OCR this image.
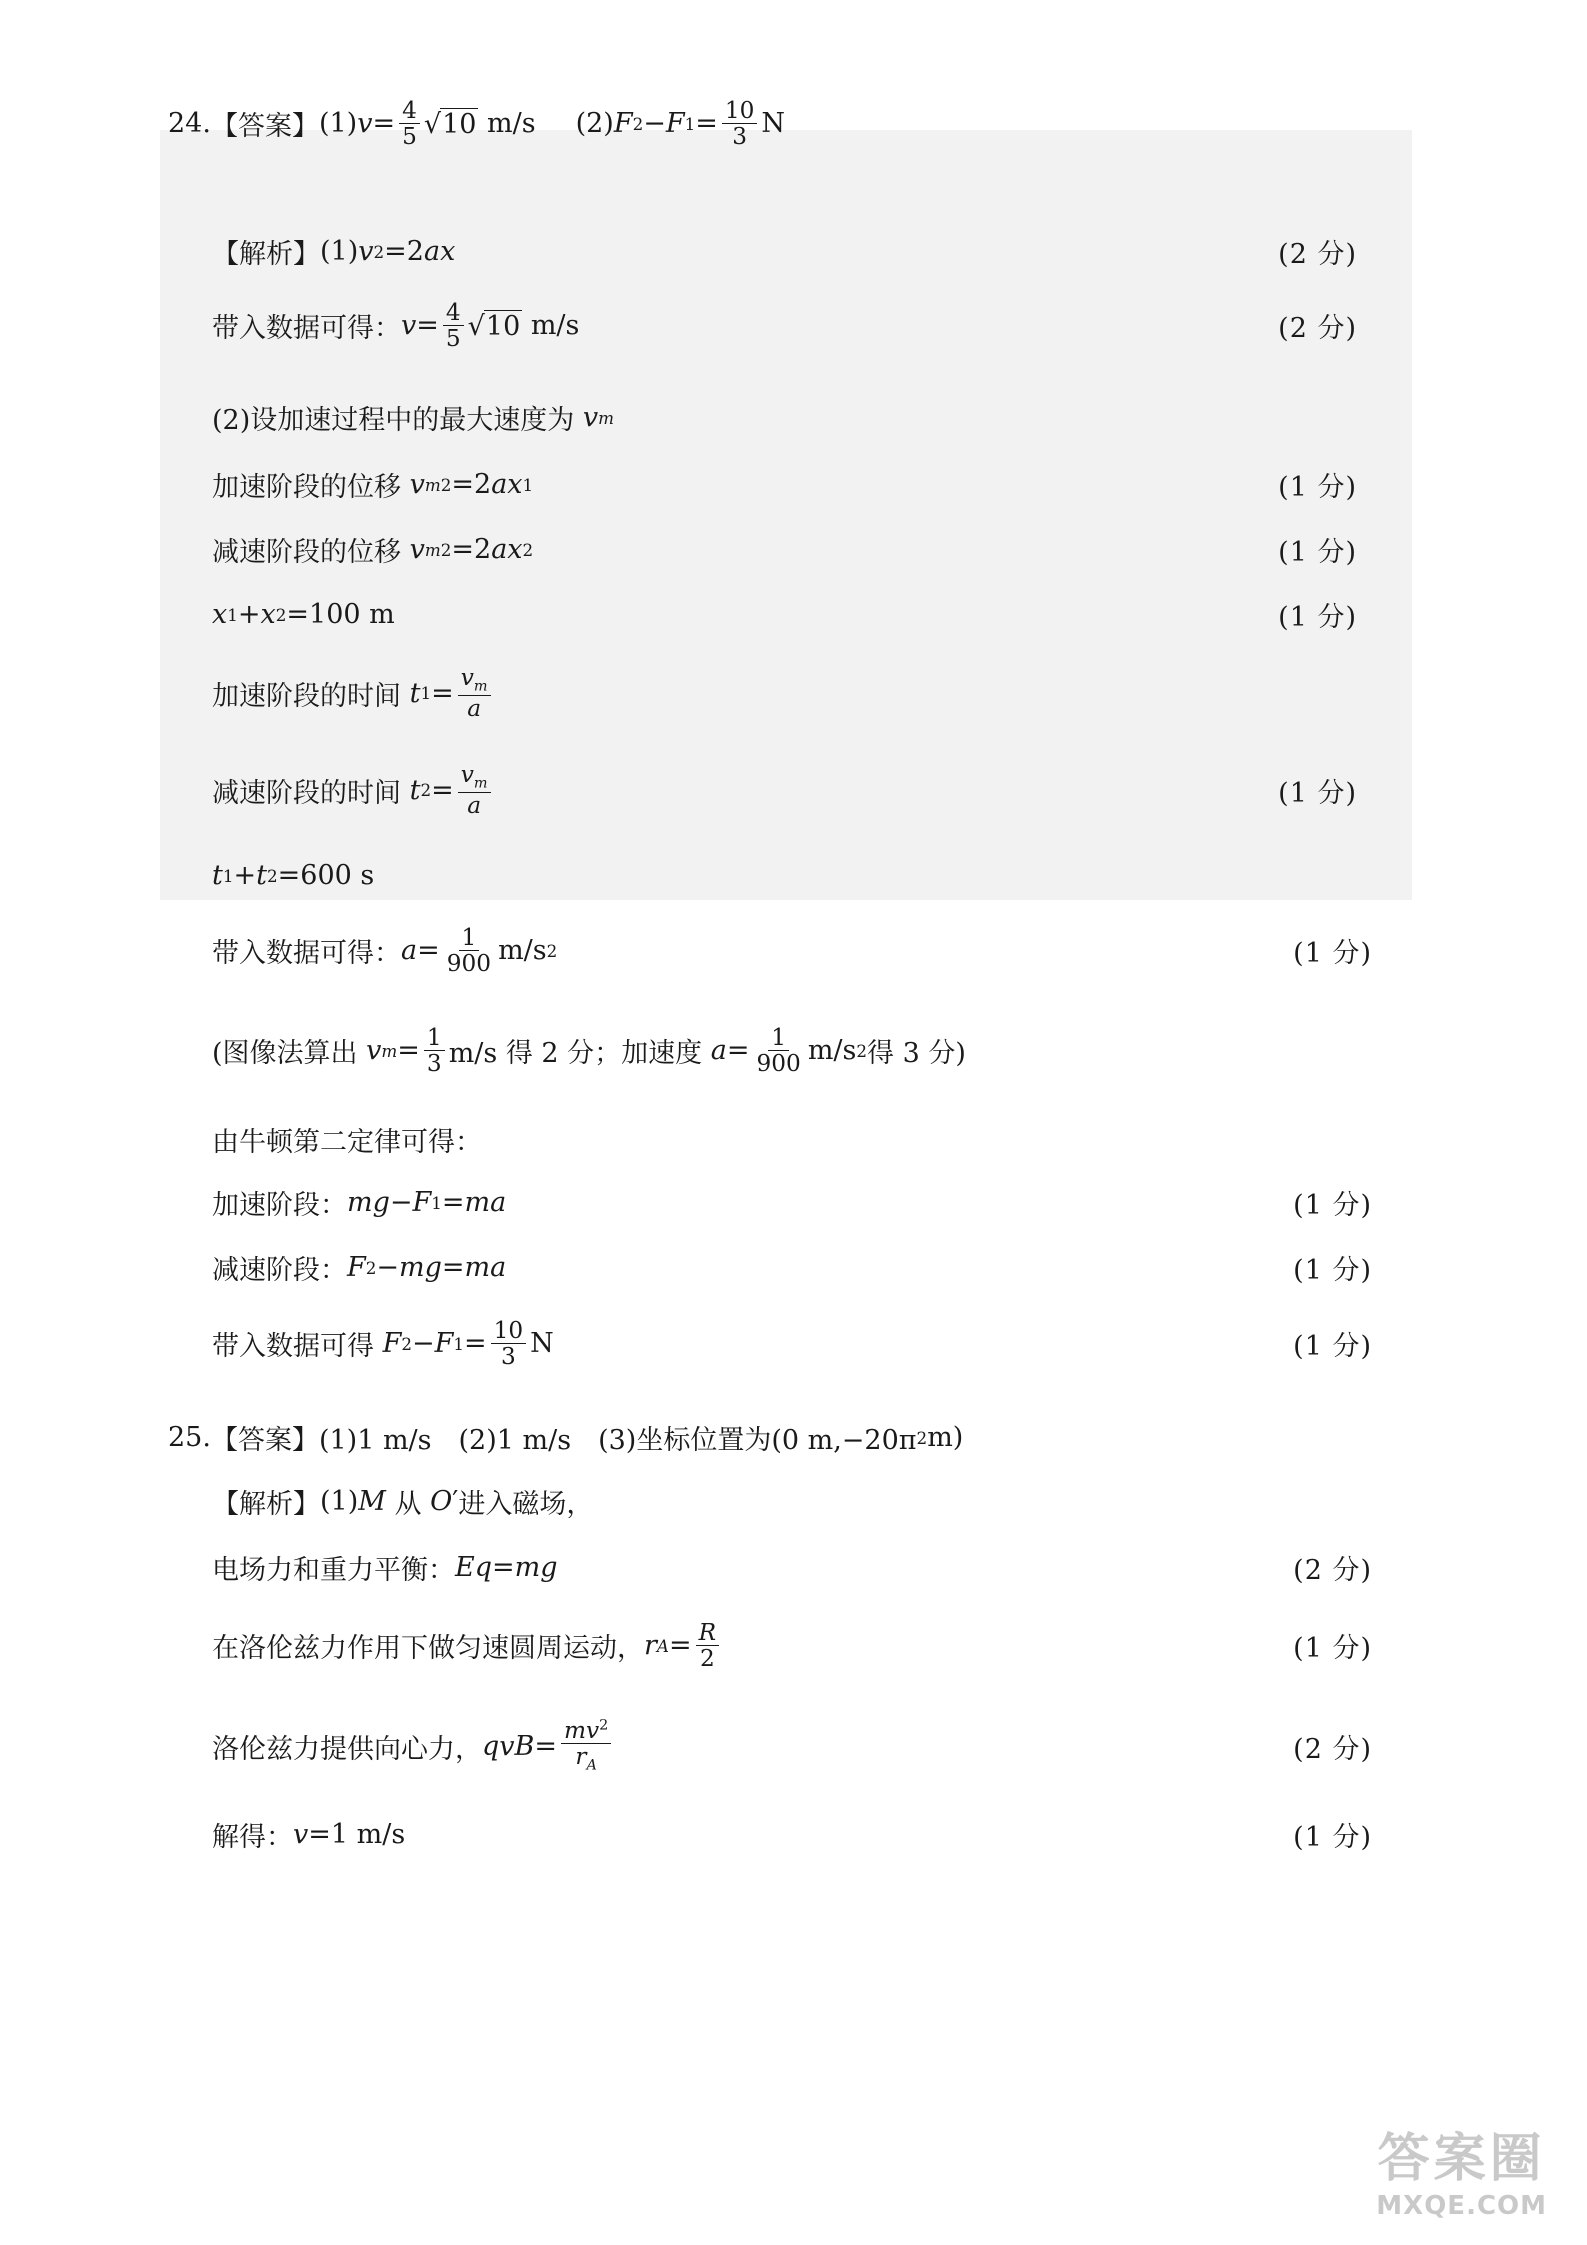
24. 【答案】 (1) $v = \frac{4}{5}$ √ 10 m/s (2) F 2 − F $1 = \frac{10}{3}$ N
【解析】 (1) v 2 =2 ax	(2 分)
带入数据可得： $v = \frac{4}{5}$ √ 10 m/s	(2 分)
(2)设加速过程中的最大速度为
v m
加速阶段的位移
v m 2 =2 ax 1	(1 分)
减速阶段的位移
v m 2 =2 ax 2	(1 分)
x 1 + x 2 = 100 m	(1 分)
加速阶段的时间
t $1 = \frac{v_m}{a}$
减速阶段的时间
t $2 = \frac{v_m}{a}$	(1 分)
t 1 + t 2 = 600 s
带入数据可得： $a = \frac{1}{900} m/s$ 2	(1 分)
(图像法算出
v $m = \frac{1}{3} m/s$ 得 2 分；加速度
$a = \frac{1}{900} m/s$ 2 得 3 分)
由牛顿第二定律可得：
加速阶段： mg − F 1 = ma	(1 分)
减速阶段： F 2 − mg = ma	(1 分)
带入数据可得
F 2 − F $1 = \frac{10}{3}$ N	(1 分)
25. 【答案】 (1)1 m/s　(2)1 m/s　(3)坐标位置为(0 m,−20π 2 m)
【解析】 (1) M
从
O ′ 进入磁场，
电场力和重力平衡： Eq = mg	(2 分)
在洛伦兹力作用下做匀速圆周运动， r $A = \frac{R}{2}$	(1 分)
洛伦兹力提供向心力， qvB = $\frac{mv^2}{r_A}$	(2 分)
解得： v =1 m/s	(1 分)
答案圈
MXQE.COM
